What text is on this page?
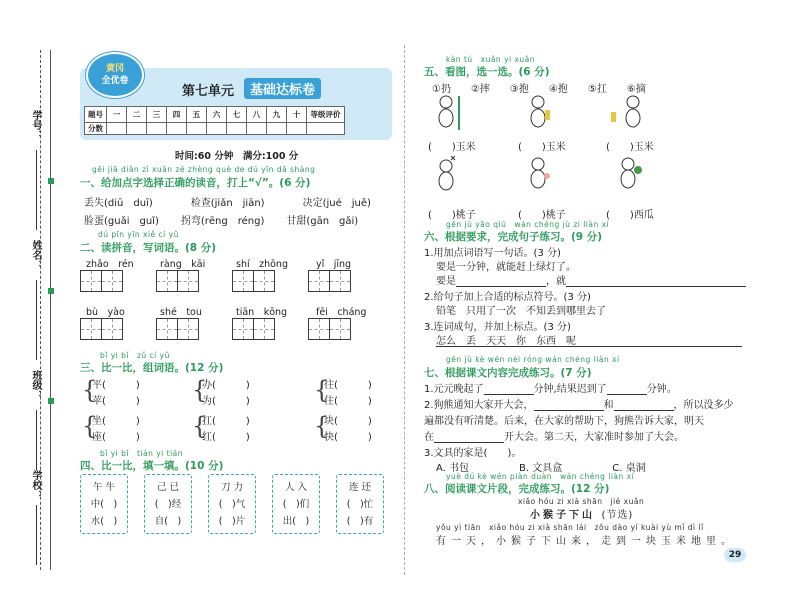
学号：
姓名：
班级：
学校：
黄冈
全优卷
第七单元	基础达标卷
题号	一	二	三	四	五	六	七	八	九	十	等级评价
分数											
时间:60 分钟　满分:100 分
gěi jiā diǎn zì xuǎn zé zhèng què de dú yīn dǎ shàng
一、给加点字选择正确的读音，打上“√”。(6 分)
丢失(diū　duī)	检查(jiǎn　jiān)	决定(jué　juě)
脸蛋(guǎi　guǐ) 拐弯(rēng　réng) 甘甜(gān　gǎi)
dú pīn yīn xiě cí yǔ
二、读拼音，写词语。(8 分)
zhǎo　rén	ràng　kāi	shí　zhōng	yǐ　jīng
bù　yào	shé　tou	tiān　kōng	fēi　cháng
bǐ yi bǐ　zǔ cí yǔ
三、比一比，组词语。(12 分)
{
平(　　　)
苹(　　　) {
办(　　　)
为(　　　)	{
往(　　　)
住(　　　)
{
坐(　　　)
座(　　　) {
扛(　　　)
红(　　　)	{
块(　　　)
快(　　　)
bǐ yi bǐ　tián yi tián
四、比一比，填一填。(10 分)
午 牛
中(　)
水(　)
己 已
(　)经
自(　)
刀 力
(　)气
(　)片
人 入
(　)们
出(　)
连 还
(　)忙
(　)有
kàn tú　xuǎn yi xuǎn
五、看图，选一选。(6 分)
①扔　　②摔　　③抱　　④抱　　⑤扛　　⑥摘
(　　)玉米	(　　)玉米	(　　)玉米
(　　)桃子	(　　)桃子	(　　)西瓜
gēn jù yāo qiú　wán chéng jù zi liàn xí
六、根据要求，完成句子练习。(9 分)
1.用加点词语写一句话。(3 分)
要是一分钟，就能赶上绿灯了。
要是	，就
2.给句子加上合适的标点符号。(3 分)
铅笔　只用了一次　不知丢到哪里去了
3.连词成句，并加上标点。(3 分)
怎么　丢　天天　你　东西　呢
gēn jù kè wén nèi róng wán chéng liàn xí
七、根据课文内容完成练习。(7 分)
1.元元晚起了	分钟,结果迟到了	分钟。
2.狗熊通知大家开大会，	和	，所以没多少
遍都没有听清楚。后来，在大家的帮助下，狗熊告诉大家，明天
在	开大会。第二天，大家准时参加了大会。
3.文具的家是(　　)。
A. 书包	B. 文具盒	C. 桌洞
yuè dú kè wén piàn duàn　wán chéng liàn xí
八、阅读课文片段，完成练习。(12 分)
xiǎo hóu zi xià shān　jié xuǎn
小猴子下山 (节选)
yǒu yì tiān　xiǎo hóu zi xià shān lái　zǒu dào yí kuài yù mǐ dì lǐ
有一天，小猴子下山来，走到一块玉米地里。
29
